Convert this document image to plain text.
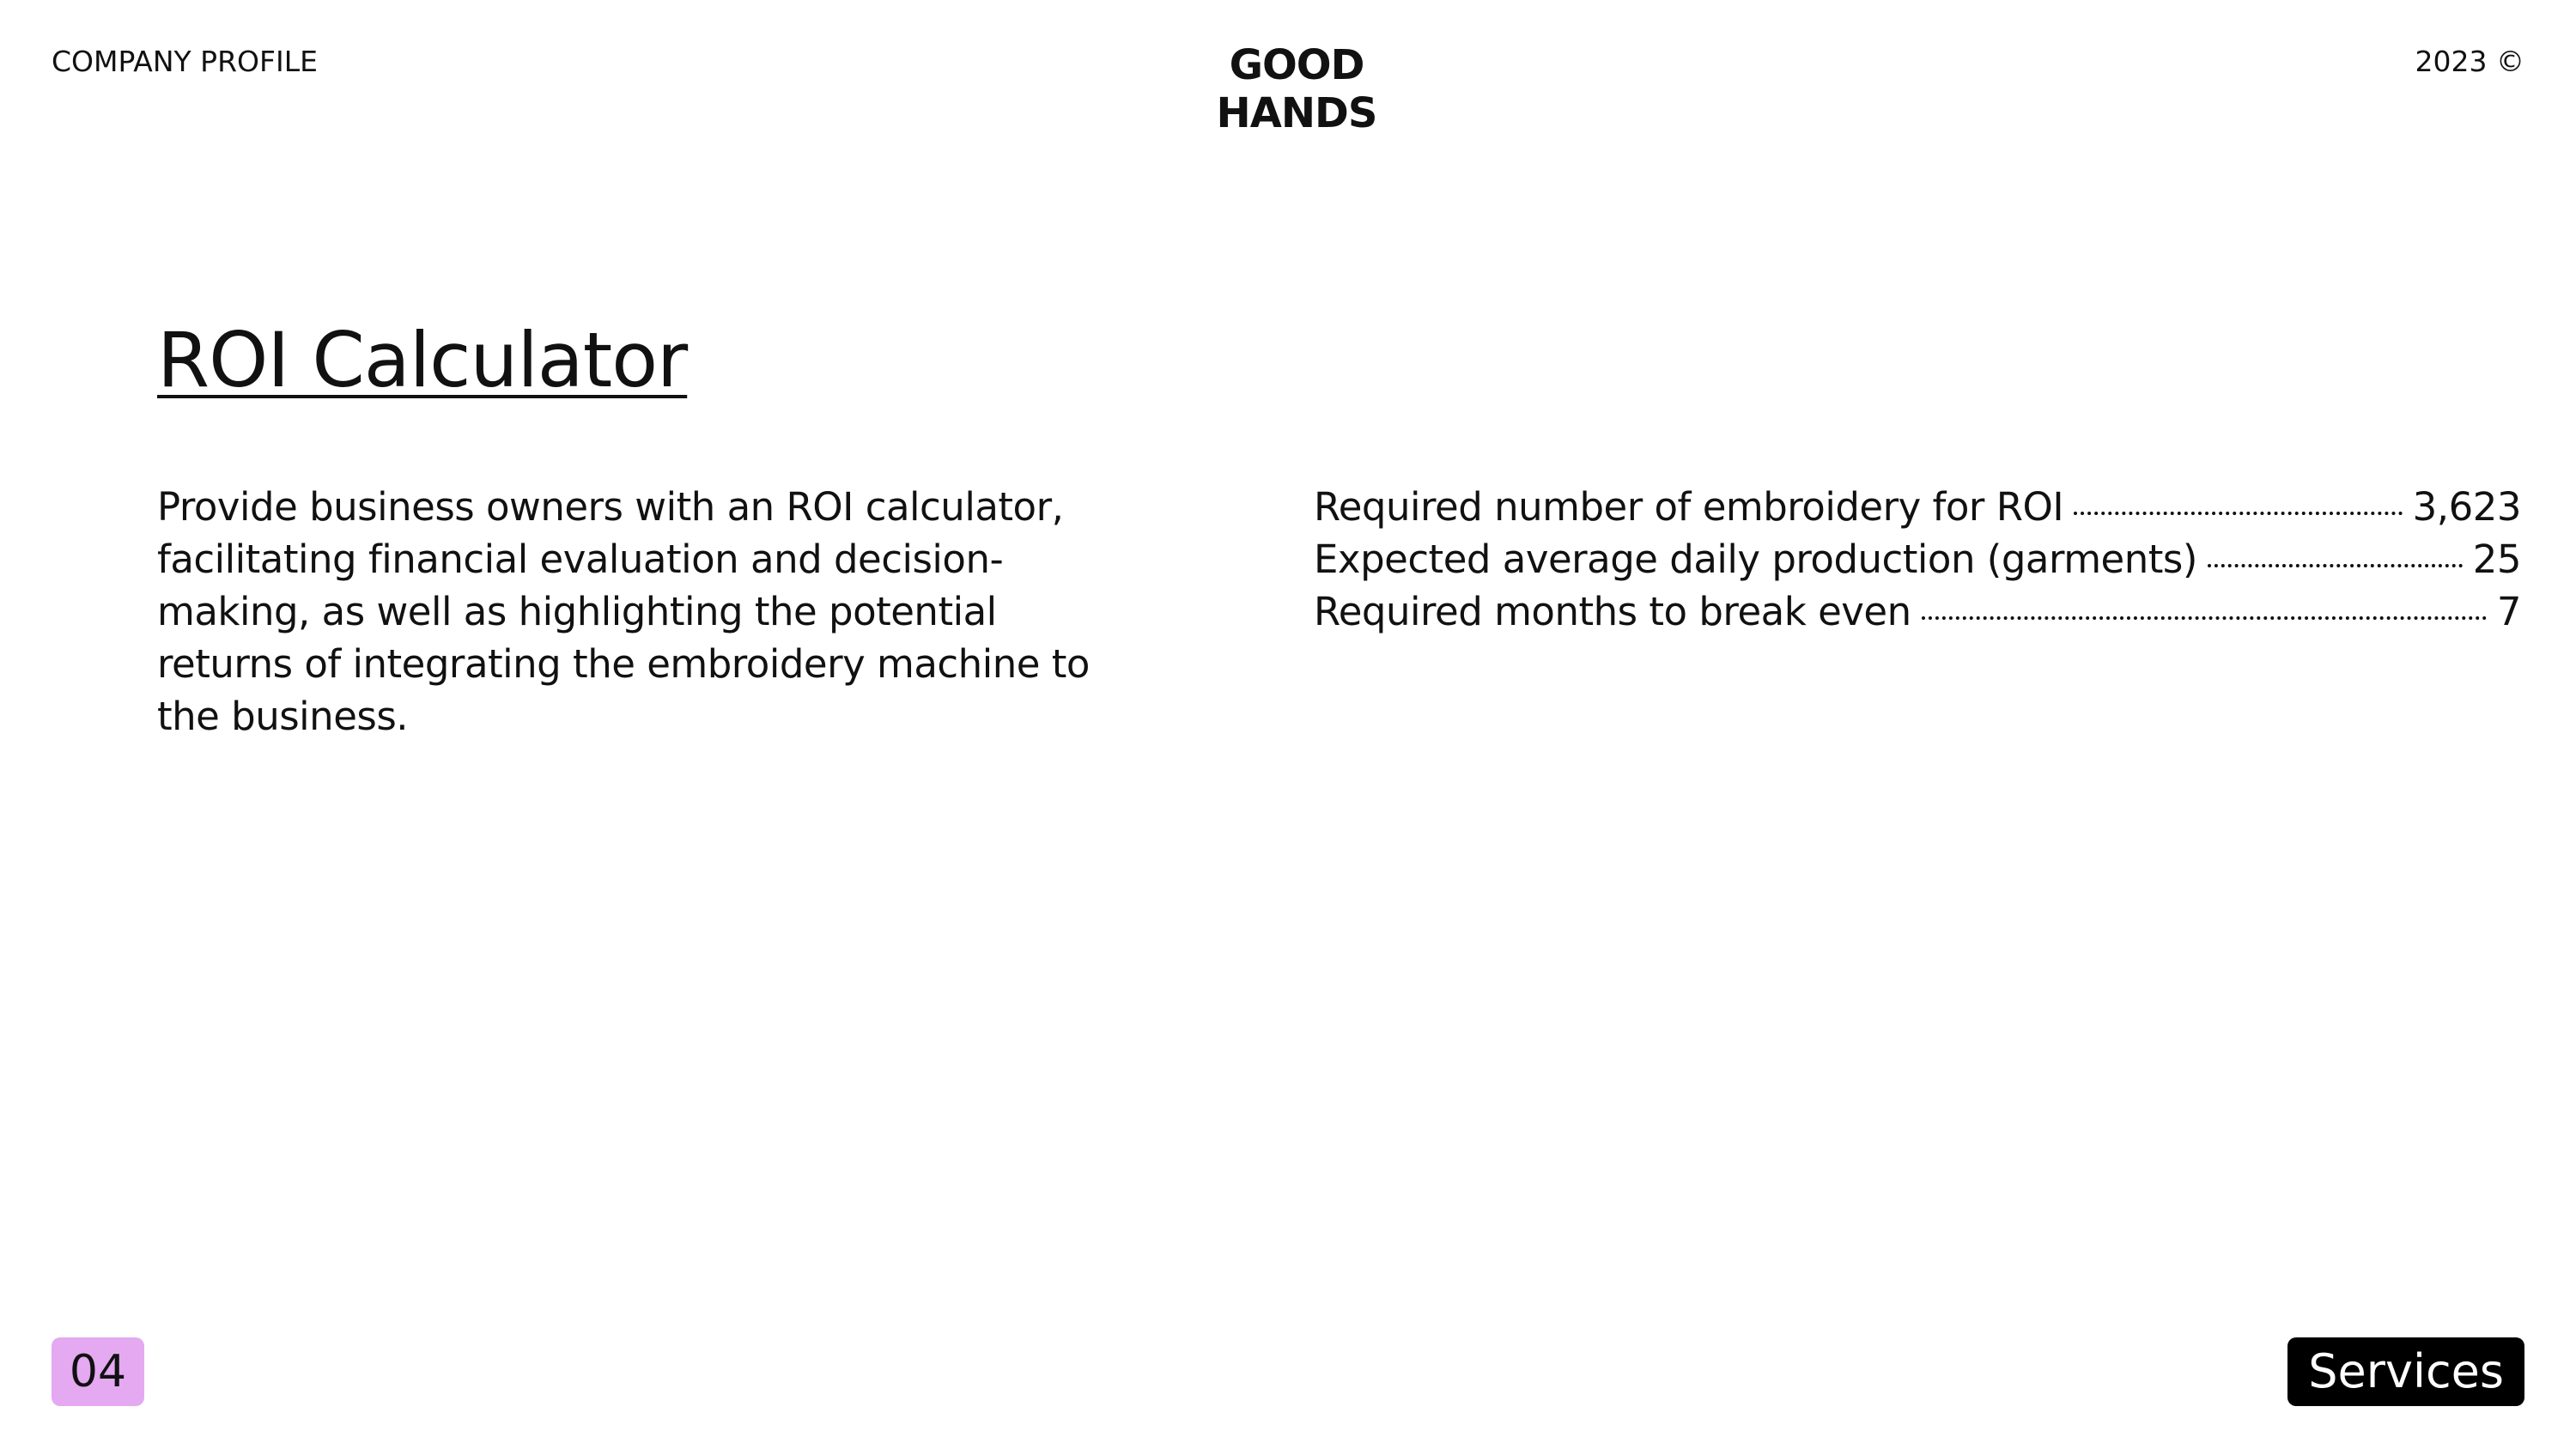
COMPANY PROFILE	GOOD HANDS
2023 ©
ROI Calculator
Provide business owners with an ROI calculator, facilitating financial evaluation and decision-making, as well as highlighting the potential returns of integrating the embroidery machine to the business.
Required number of embroidery for ROI	3,623
Expected average daily production (garments)	25
Required months to break even	7
04	Services
